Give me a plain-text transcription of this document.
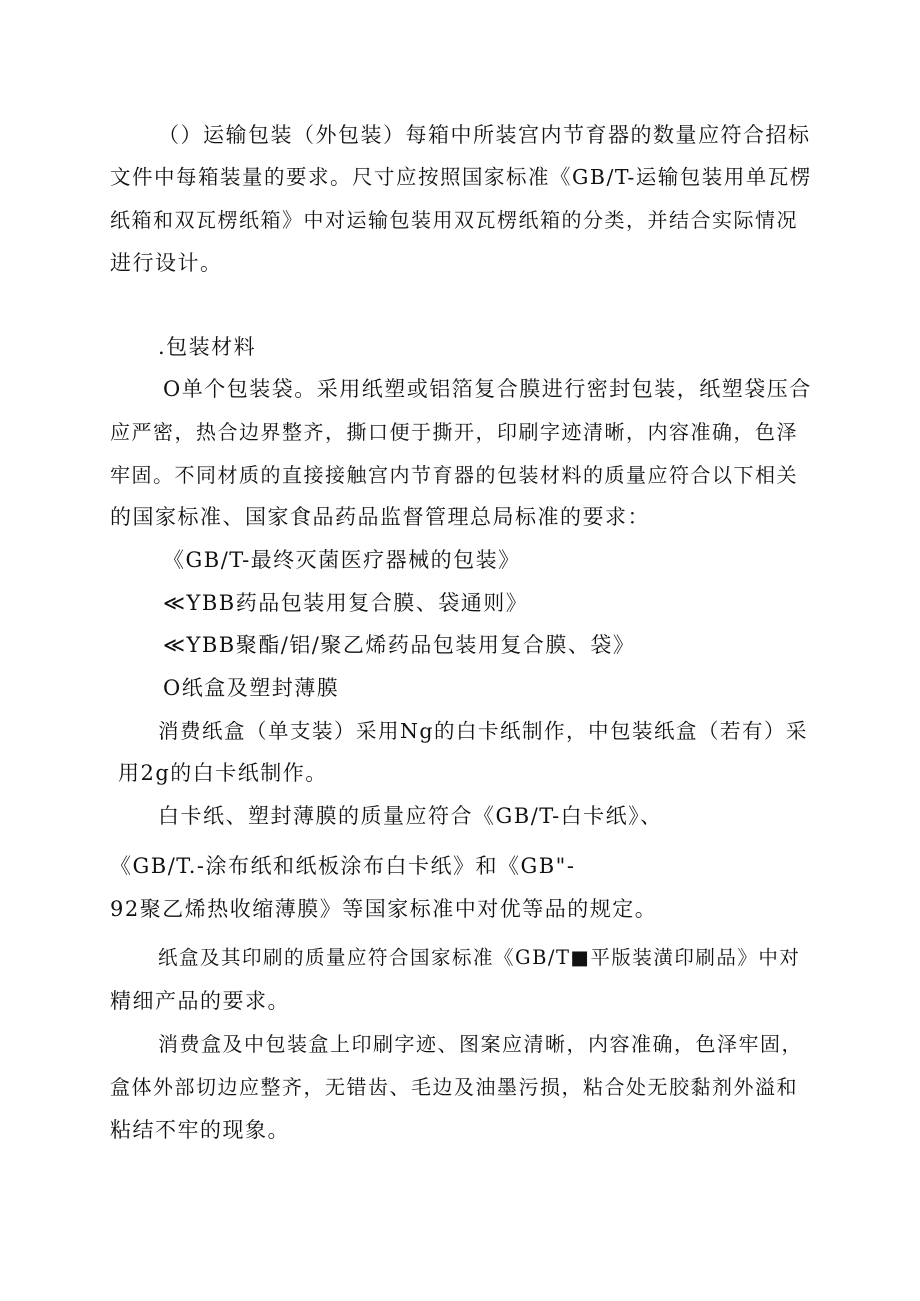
（）运输包装（外包装）每箱中所装宫内节育器的数量应符合招标
文件中每箱装量的要求。尺寸应按照国家标准《GB/T-运输包装用单瓦楞
纸箱和双瓦楞纸箱》中对运输包装用双瓦楞纸箱的分类，并结合实际情况
进行设计。
.包装材料
O单个包装袋。采用纸塑或铝箔复合膜进行密封包装，纸塑袋压合
应严密，热合边界整齐，撕口便于撕开，印刷字迹清晰，内容准确，色泽
牢固。不同材质的直接接触宫内节育器的包装材料的质量应符合以下相关
的国家标准、国家食品药品监督管理总局标准的要求：
《GB/T-最终灭菌医疗器械的包装》
≪YBB药品包装用复合膜、袋通则》
≪YBB聚酯/铝/聚乙烯药品包装用复合膜、袋》
O纸盒及塑封薄膜
消费纸盒（单支装）采用Ng的白卡纸制作，中包装纸盒（若有）采
用2g的白卡纸制作。
白卡纸、塑封薄膜的质量应符合《GB/T-白卡纸》、
《GB/T.-涂布纸和纸板涂布白卡纸》和《GB"-
92聚乙烯热收缩薄膜》等国家标准中对优等品的规定。
纸盒及其印刷的质量应符合国家标准《GB/T■平版装潢印刷品》中对
精细产品的要求。
消费盒及中包装盒上印刷字迹、图案应清晰，内容准确，色泽牢固，
盒体外部切边应整齐，无错齿、毛边及油墨污损，粘合处无胶黏剂外溢和
粘结不牢的现象。
